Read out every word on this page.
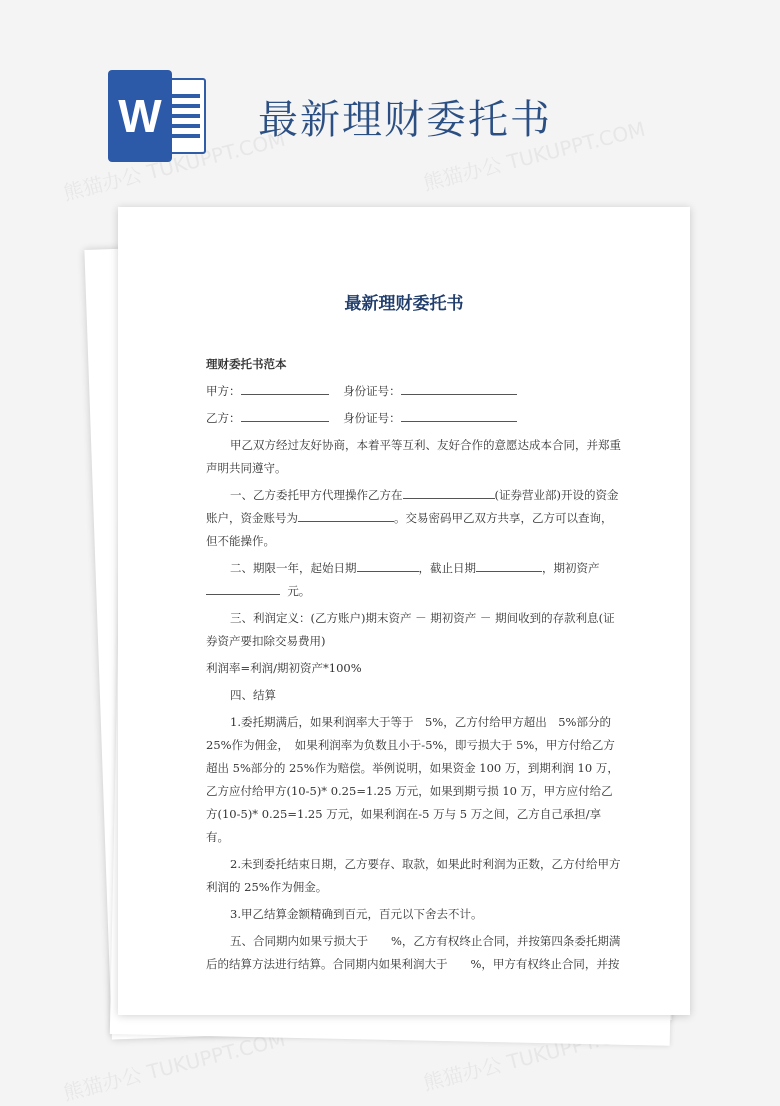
W 最新理财委托书
熊猫办公 TUKUPPT.COM
熊猫办公 TUKUPPT.COM
熊猫办公 TUKUPPT.COM
熊猫办公 TUKUPPT.COM
最新理财委托书

理财委托书范本

甲方：	身份证号：

乙方：	身份证号：

甲乙双方经过友好协商，本着平等互利、友好合作的意愿达成本合同，并郑重声明共同遵守。

一、乙方委托甲方代理操作乙方在	(证券营业部)开设的资金账户，资金账号为	。交易密码甲乙双方共享，乙方可以查询，但不能操作。

二、期限一年，起始日期	，截止日期	，期初资产
元。

三、利润定义：(乙方账户)期末资产 － 期初资产 － 期间收到的存款利息(证券资产要扣除交易费用)

利润率=利润/期初资产*100%

四、结算

1.委托期满后，如果利润率大于等于　5%，乙方付给甲方超出　5%部分的25%作为佣金，　如果利润率为负数且小于-5%，即亏损大于 5%，甲方付给乙方超出 5%部分的 25%作为赔偿。举例说明，如果资金 100 万，到期利润 10 万，乙方应付给甲方(10-5)* 0.25=1.25 万元，如果到期亏损 10 万，甲方应付给乙方(10-5)* 0.25=1.25 万元，如果利润在-5 万与 5 万之间，乙方自己承担/享有。

2.未到委托结束日期，乙方要存、取款，如果此时利润为正数，乙方付给甲方利润的 25%作为佣金。

3.甲乙结算金额精确到百元，百元以下舍去不计。

五、合同期内如果亏损大于　　%，乙方有权终止合同，并按第四条委托期满后的结算方法进行结算。合同期内如果利润大于　　%，甲方有权终止合同，并按
